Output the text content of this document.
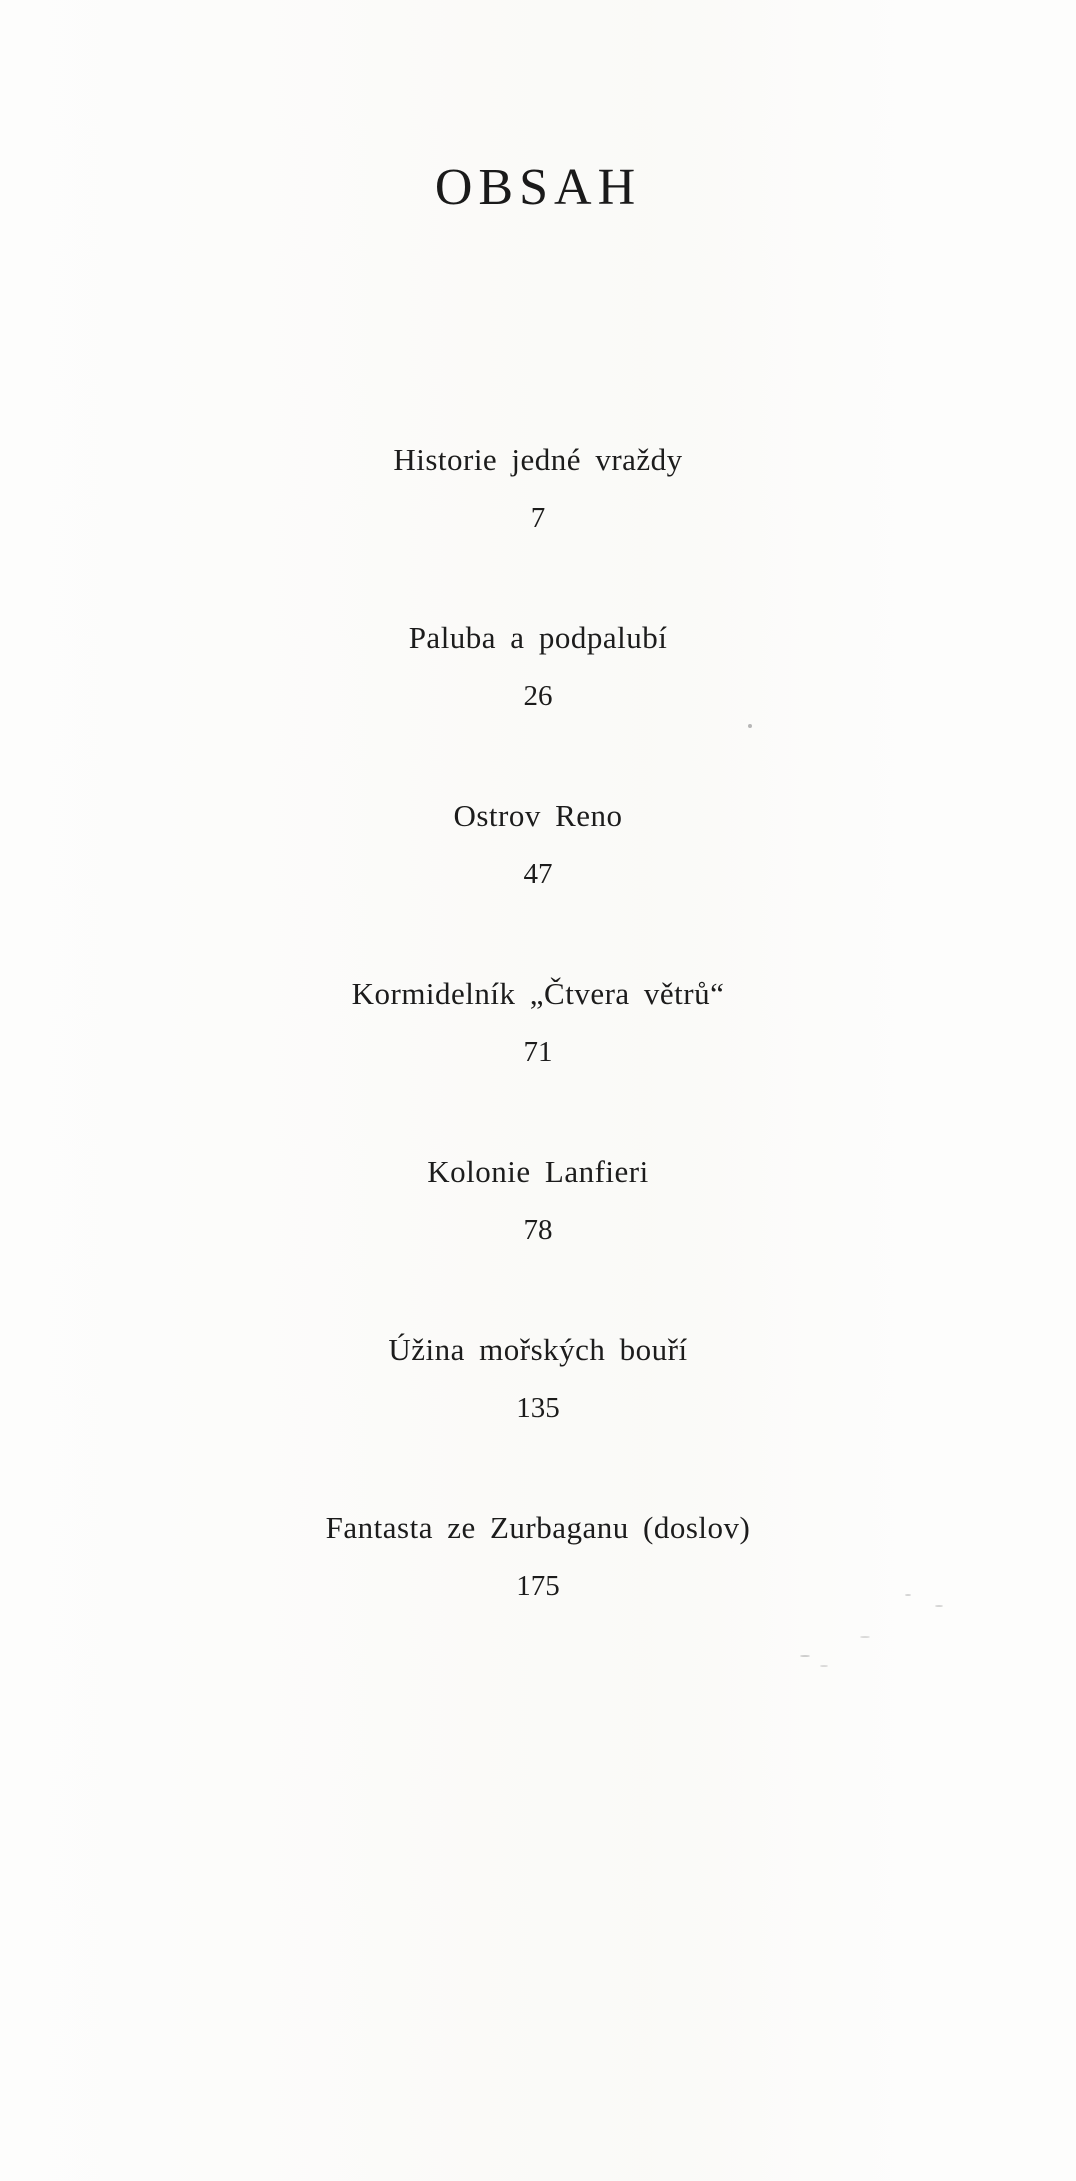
OBSAH
Historie jedné vraždy
7
Paluba a podpalubí
26
Ostrov Reno
47
Kormidelník „Čtvera větrů“
71
Kolonie Lanfieri
78
Úžina mořských bouří
135
Fantasta ze Zurbaganu (doslov)
175
